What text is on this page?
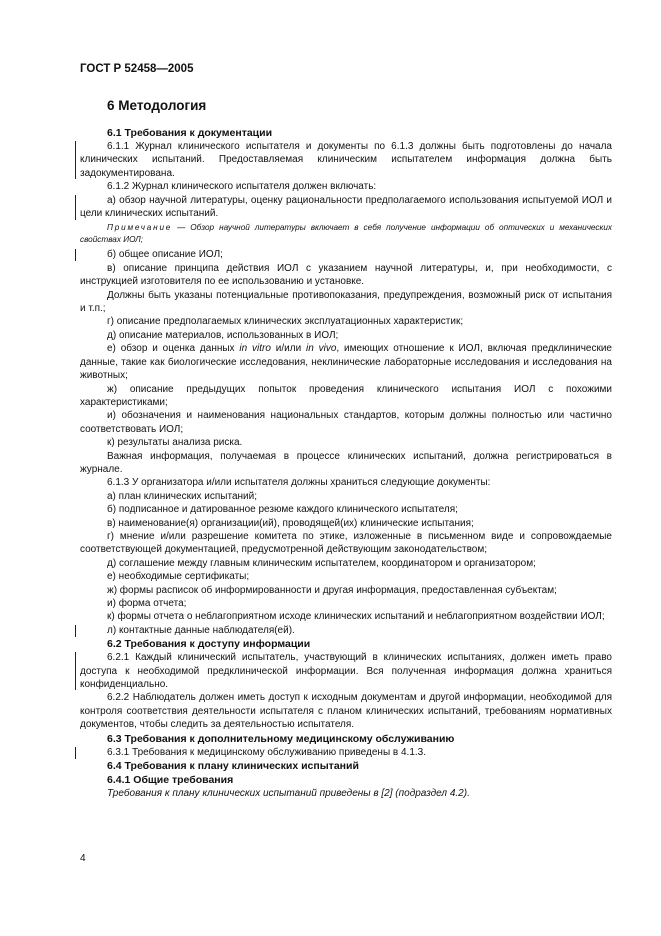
ГОСТ Р 52458—2005
6 Методология
6.1 Требования к документации

6.1.1 Журнал клинического испытателя и документы по 6.1.3 должны быть подготовлены до начала клинических испытаний. Предоставляемая клиническим испытателем информация должна быть задокументирована.

6.1.2 Журнал клинического испытателя должен включать:

а) обзор научной литературы, оценку рациональности предполагаемого использования испытуемой ИОЛ и цели клинических испытаний.

Примечание — Обзор научной литературы включает в себя получение информации об оптических и механических свойствах ИОЛ;

б) общее описание ИОЛ;

в) описание принципа действия ИОЛ с указанием научной литературы, и, при необходимости, с инструкцией изготовителя по ее использованию и установке.

Должны быть указаны потенциальные противопоказания, предупреждения, возможный риск от испытания и т.п.;

г) описание предполагаемых клинических эксплуатационных характеристик;

д) описание материалов, использованных в ИОЛ;

е) обзор и оценка данных in vitro и/или in vivo, имеющих отношение к ИОЛ, включая предклинические данные, такие как биологические исследования, неклинические лабораторные исследования и исследования на животных;

ж) описание предыдущих попыток проведения клинического испытания ИОЛ с похожими характеристиками;

и) обозначения и наименования национальных стандартов, которым должны полностью или частично соответствовать ИОЛ;

к) результаты анализа риска.

Важная информация, получаемая в процессе клинических испытаний, должна регистрироваться в журнале.

6.1.3 У организатора и/или испытателя должны храниться следующие документы:

а) план клинических испытаний;

б) подписанное и датированное резюме каждого клинического испытателя;

в) наименование(я) организации(ий), проводящей(их) клинические испытания;

г) мнение и/или разрешение комитета по этике, изложенные в письменном виде и сопровождаемые соответствующей документацией, предусмотренной действующим законодательством;

д) соглашение между главным клиническим испытателем, координатором и организатором;

е) необходимые сертификаты;

ж) формы расписок об информированности и другая информация, предоставленная субъектам;

и) форма отчета;

к) формы отчета о неблагоприятном исходе клинических испытаний и неблагоприятном воздействии ИОЛ;

л) контактные данные наблюдателя(ей).

6.2 Требования к доступу информации

6.2.1 Каждый клинический испытатель, участвующий в клинических испытаниях, должен иметь право доступа к необходимой предклинической информации. Вся полученная информация должна храниться конфиденциально.

6.2.2 Наблюдатель должен иметь доступ к исходным документам и другой информации, необходимой для контроля соответствия деятельности испытателя с планом клинических испытаний, требованиям нормативных документов, чтобы следить за деятельностью испытателя.

6.3 Требования к дополнительному медицинскому обслуживанию

6.3.1 Требования к медицинскому обслуживанию приведены в 4.1.3.

6.4 Требования к плану клинических испытаний
6.4.1 Общие требования

Требования к плану клинических испытаний приведены в [2] (подраздел 4.2).

4
